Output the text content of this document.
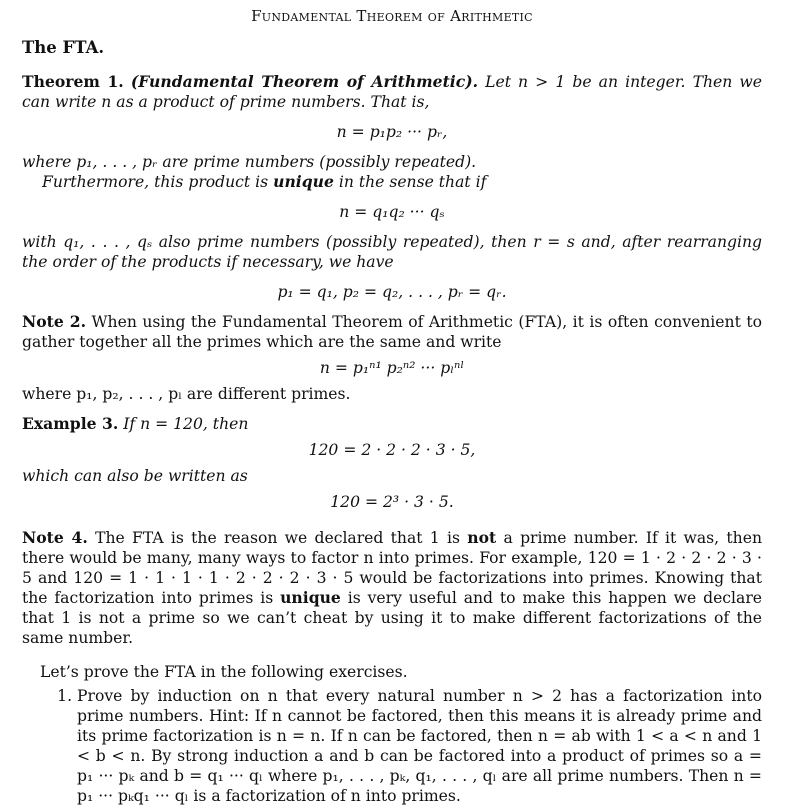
Fundamental Theorem of Arithmetic
The FTA.

Theorem 1. (Fundamental Theorem of Arithmetic). Let n > 1 be an integer. Then we can write n as a product of prime numbers. That is,

n = p₁p₂ ··· pᵣ,

where p₁, . . . , pᵣ are prime numbers (possibly repeated).

Furthermore, this product is unique in the sense that if

n = q₁q₂ ··· qₛ

with q₁, . . . , qₛ also prime numbers (possibly repeated), then r = s and, after rearranging the order of the products if necessary, we have

p₁ = q₁, p₂ = q₂, . . . , pᵣ = qᵣ.

Note 2. When using the Fundamental Theorem of Arithmetic (FTA), it is often convenient to gather together all the primes which are the same and write

n = p₁ⁿ¹ p₂ⁿ² ··· pₗⁿˡ

where p₁, p₂, . . . , pₗ are different primes.

Example 3. If n = 120, then

120 = 2 · 2 · 2 · 3 · 5,

which can also be written as

120 = 2³ · 3 · 5.

Note 4. The FTA is the reason we declared that 1 is not a prime number. If it was, then there would be many, many ways to factor n into primes. For example, 120 = 1 · 2 · 2 · 2 · 3 · 5 and 120 = 1 · 1 · 1 · 1 · 2 · 2 · 2 · 3 · 5 would be factorizations into primes. Knowing that the factorization into primes is unique is very useful and to make this happen we declare that 1 is not a prime so we can’t cheat by using it to make different factorizations of the same number.

Let’s prove the FTA in the following exercises.

1. Prove by induction on n that every natural number n > 2 has a factorization into prime numbers. Hint: If n cannot be factored, then this means it is already prime and its prime factorization is n = n. If n can be factored, then n = ab with 1 < a < n and 1 < b < n. By strong induction a and b can be factored into a product of primes so a = p₁ ··· pₖ and b = q₁ ··· qₗ where p₁, . . . , pₖ, q₁, . . . , qₗ are all prime numbers. Then n = p₁ ··· pₖq₁ ··· qₗ is a factorization of n into primes.
